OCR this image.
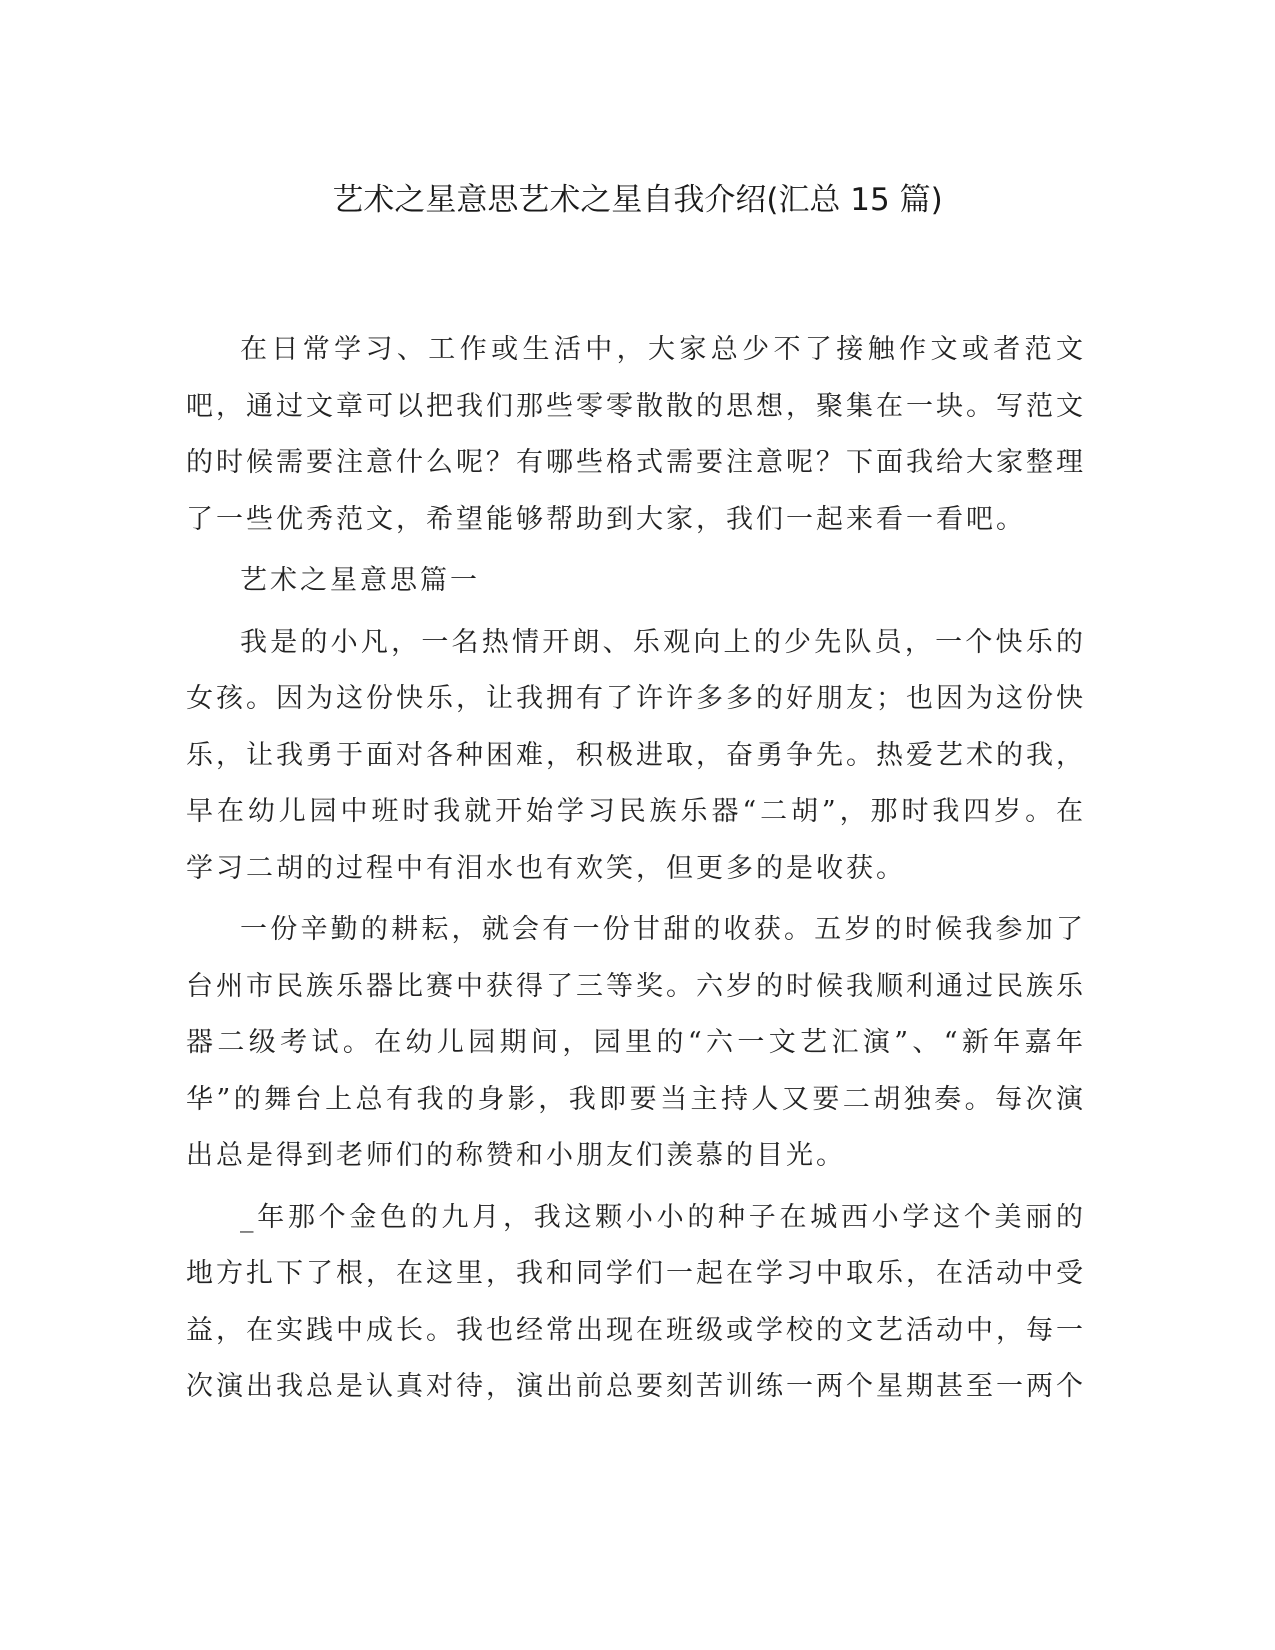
艺术之星意思艺术之星自我介绍(汇总 15 篇)

在日常学习、工作或生活中，大家总少不了接触作文或者范文吧，通过文章可以把我们那些零零散散的思想，聚集在一块。写范文的时候需要注意什么呢？有哪些格式需要注意呢？下面我给大家整理了一些优秀范文，希望能够帮助到大家，我们一起来看一看吧。

艺术之星意思篇一

我是的小凡，一名热情开朗、乐观向上的少先队员，一个快乐的女孩。因为这份快乐，让我拥有了许许多多的好朋友；也因为这份快乐，让我勇于面对各种困难，积极进取，奋勇争先。热爱艺术的我，早在幼儿园中班时我就开始学习民族乐器“二胡”，那时我四岁。在学习二胡的过程中有泪水也有欢笑，但更多的是收获。

一份辛勤的耕耘，就会有一份甘甜的收获。五岁的时候我参加了台州市民族乐器比赛中获得了三等奖。六岁的时候我顺利通过民族乐器二级考试。在幼儿园期间，园里的“六一文艺汇演”、“新年嘉年华”的舞台上总有我的身影，我即要当主持人又要二胡独奏。每次演出总是得到老师们的称赞和小朋友们羡慕的目光。

_年那个金色的九月，我这颗小小的种子在城西小学这个美丽的地方扎下了根，在这里，我和同学们一起在学习中取乐，在活动中受益，在实践中成长。我也经常出现在班级或学校的文艺活动中，每一次演出我总是认真对待，演出前总要刻苦训练一两个星期甚至一两个
